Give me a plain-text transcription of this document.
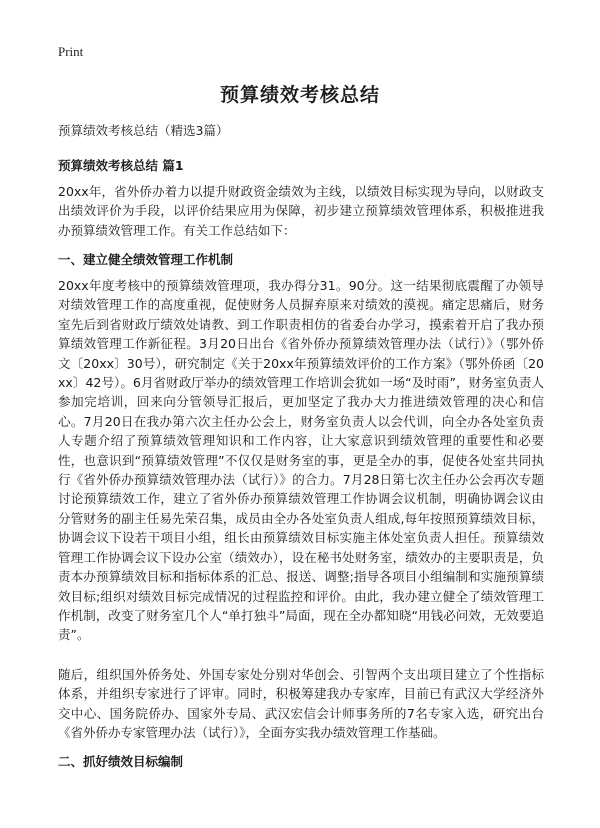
Print
预算绩效考核总结
预算绩效考核总结（精选3篇）
预算绩效考核总结 篇1
20xx年，省外侨办着力以提升财政资金绩效为主线，以绩效目标实现为导向，以财政支出绩效评价为手段，以评价结果应用为保障，初步建立预算绩效管理体系，积极推进我办预算绩效管理工作。有关工作总结如下：
一、建立健全绩效管理工作机制
20xx年度考核中的预算绩效管理项，我办得分31。90分。这一结果彻底震醒了办领导对绩效管理工作的高度重视，促使财务人员摒弃原来对绩效的漠视。痛定思痛后，财务室先后到省财政厅绩效处请教、到工作职责相仿的省委台办学习，摸索着开启了我办预算绩效管理工作新征程。3月20日出台《省外侨办预算绩效管理办法（试行）》（鄂外侨文〔20xx〕30号），研究制定《关于20xx年预算绩效评价的工作方案》（鄂外侨函〔20xx〕42号）。6月省财政厅举办的绩效管理工作培训会犹如一场“及时雨”，财务室负责人参加完培训，回来向分管领导汇报后，更加坚定了我办大力推进绩效管理的决心和信心。7月20日在我办第六次主任办公会上，财务室负责人以会代训，向全办各处室负责人专题介绍了预算绩效管理知识和工作内容，让大家意识到绩效管理的重要性和必要性，也意识到“预算绩效管理”不仅仅是财务室的事，更是全办的事，促使各处室共同执行《省外侨办预算绩效管理办法（试行）》的合力。7月28日第七次主任办公会再次专题讨论预算绩效工作，建立了省外侨办预算绩效管理工作协调会议机制，明确协调会议由分管财务的副主任易先荣召集，成员由全办各处室负责人组成,每年按照预算绩效目标，协调会议下设若干项目小组，组长由预算绩效目标实施主体处室负责人担任。预算绩效管理工作协调会议下设办公室（绩效办），设在秘书处财务室，绩效办的主要职责是，负责本办预算绩效目标和指标体系的汇总、报送、调整;指导各项目小组编制和实施预算绩效目标;组织对绩效目标完成情况的过程监控和评价。由此，我办建立健全了绩效管理工作机制，改变了财务室几个人“单打独斗”局面，现在全办都知晓“用钱必问效，无效要追责”。
随后，组织国外侨务处、外国专家处分别对华创会、引智两个支出项目建立了个性指标体系，并组织专家进行了评审。同时，积极筹建我办专家库，目前已有武汉大学经济外交中心、国务院侨办、国家外专局、武汉宏信会计师事务所的7名专家入选，研究出台《省外侨办专家管理办法（试行）》，全面夯实我办绩效管理工作基础。
二、抓好绩效目标编制
